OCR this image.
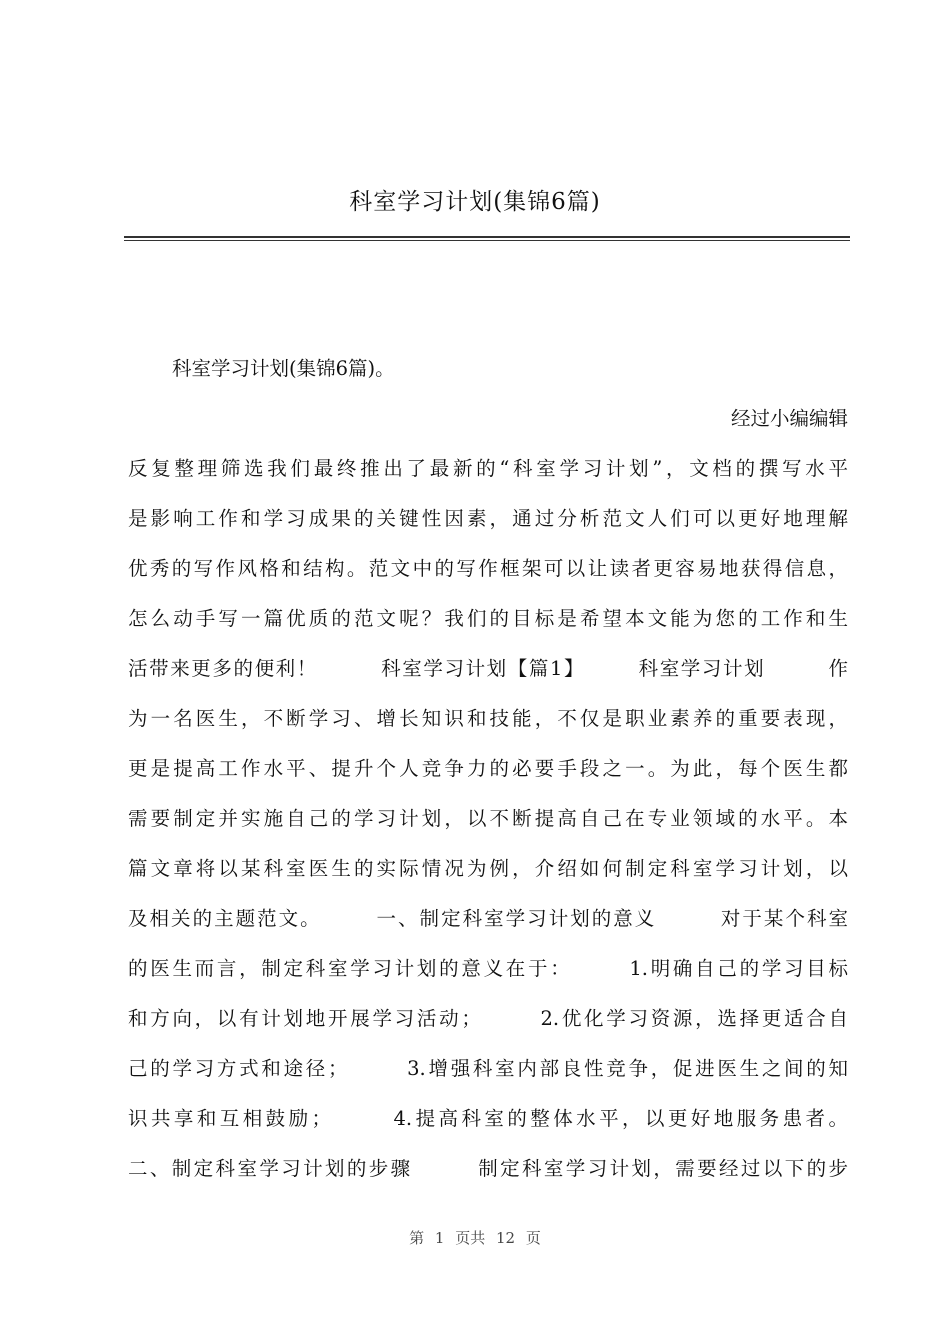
科室学习计划(集锦6篇)
科室学习计划(集锦6篇)。
经过小编编辑
反复整理筛选我们最终推出了最新的“科室学习计划”，文档的撰写水平
是影响工作和学习成果的关键性因素，通过分析范文人们可以更好地理解
优秀的写作风格和结构。范文中的写作框架可以让读者更容易地获得信息，
怎么动手写一篇优质的范文呢？我们的目标是希望本文能为您的工作和生
活带来更多的便利！　　　科室学习计划【篇1】　　　科室学习计划　　　作
为一名医生，不断学习、增长知识和技能，不仅是职业素养的重要表现，
更是提高工作水平、提升个人竞争力的必要手段之一。为此，每个医生都
需要制定并实施自己的学习计划，以不断提高自己在专业领域的水平。本
篇文章将以某科室医生的实际情况为例，介绍如何制定科室学习计划，以
及相关的主题范文。　　　一、制定科室学习计划的意义　　　对于某个科室
的医生而言，制定科室学习计划的意义在于：　　　1.明确自己的学习目标
和方向，以有计划地开展学习活动；　　　2.优化学习资源，选择更适合自
己的学习方式和途径；　　　3.增强科室内部良性竞争，促进医生之间的知
识共享和互相鼓励；　　　4.提高科室的整体水平，以更好地服务患者。
二、制定科室学习计划的步骤　　　制定科室学习计划，需要经过以下的步
第 1 页共 12 页
